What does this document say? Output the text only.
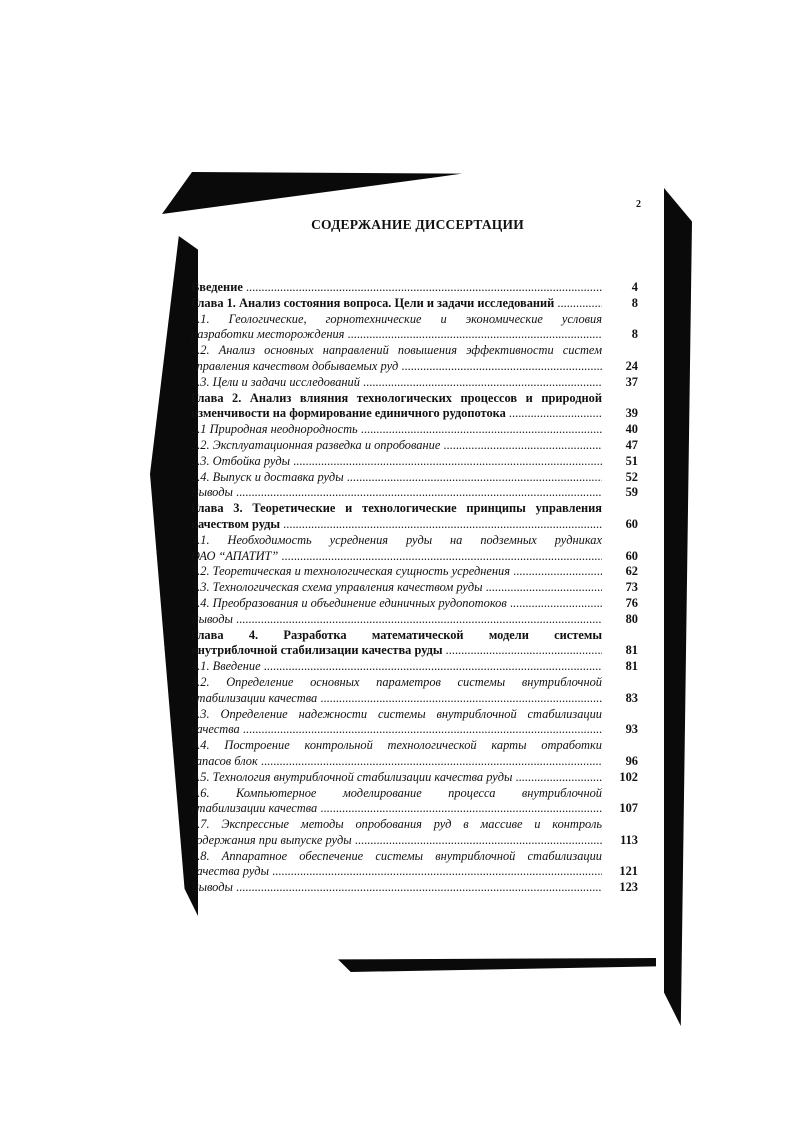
2
СОДЕРЖАНИЕ ДИССЕРТАЦИИ
Введение .....	4
Глава 1. Анализ состояния вопроса. Цели и задачи исследований .....	8
1.1. Геологические, горнотехнические и экономические условия
разработки месторождения .....	8
1.2. Анализ основных направлений повышения эффективности систем
управления качеством добываемых руд .....	24
1.3. Цели и задачи исследований .....	37
Глава 2. Анализ влияния технологических процессов и природной
изменчивости на формирование единичного рудопотока .....	39
2.1 Природная неоднородность .....	40
2.2. Эксплуатационная разведка и опробование .....	47
2.3. Отбойка руды .....	51
2.4. Выпуск и доставка руды .....	52
Выводы .....	59
Глава 3. Теоретические и технологические принципы управления
качеством руды .....	60
3.1. Необходимость усреднения руды на подземных рудниках
ОАО “АПАТИТ” .....	60
3.2. Теоретическая и технологическая сущность усреднения .....	62
3.3. Технологическая схема управления качеством руды .....	73
3.4. Преобразования и объединение единичных рудопотоков .....	76
Выводы .....	80
Глава 4. Разработка математической модели системы
внутриблочной стабилизации качества руды .....	81
4.1. Введение .....	81
4.2. Определение основных параметров системы внутриблочной
стабилизации качества .....	83
4.3. Определение надежности системы внутриблочной стабилизации
качества .....	93
4.4. Построение контрольной технологической карты отработки
запасов блок .....	96
4.5. Технология внутриблочной стабилизации качества руды .....	102
4.6. Компьютерное моделирование процесса внутриблочной
стабилизации качества .....	107
4.7. Экспрессные методы опробования руд в массиве и контроль
содержания при выпуске руды .....	113
4.8. Аппаратное обеспечение системы внутриблочной стабилизации
качества руды .....	121
Выводы .....	123
